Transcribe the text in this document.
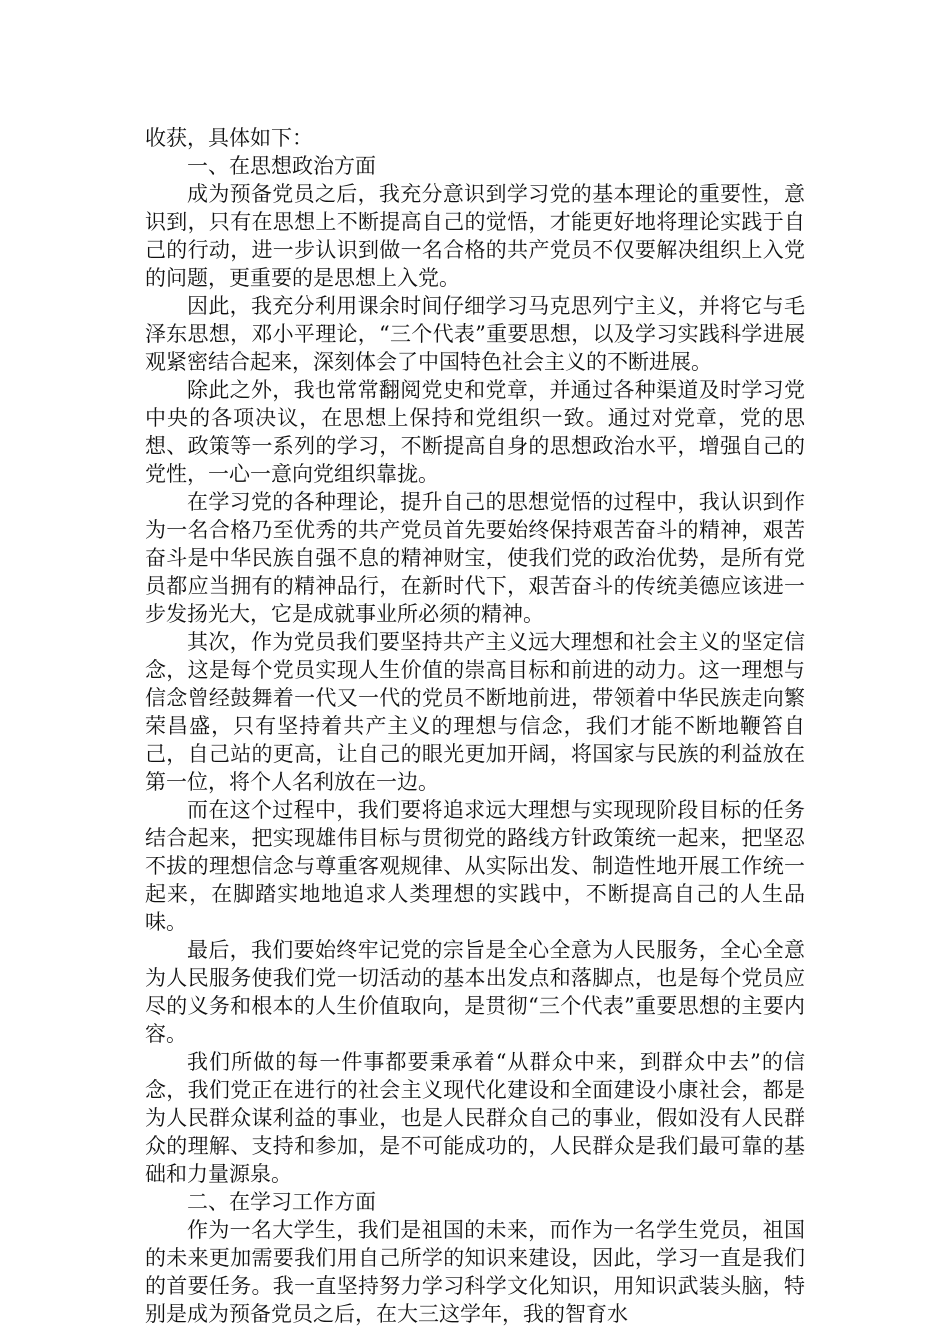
收获，具体如下：

一、在思想政治方面

成为预备党员之后，我充分意识到学习党的基本理论的重要性，意识到，只有在思想上不断提高自己的觉悟，才能更好地将理论实践于自己的行动，进一步认识到做一名合格的共产党员不仅要解决组织上入党的问题，更重要的是思想上入党。

因此，我充分利用课余时间仔细学习马克思列宁主义，并将它与毛泽东思想，邓小平理论，“三个代表”重要思想，以及学习实践科学进展观紧密结合起来，深刻体会了中国特色社会主义的不断进展。

除此之外，我也常常翻阅党史和党章，并通过各种渠道及时学习党中央的各项决议，在思想上保持和党组织一致。通过对党章，党的思想、政策等一系列的学习，不断提高自身的思想政治水平，增强自己的党性，一心一意向党组织靠拢。

在学习党的各种理论，提升自己的思想觉悟的过程中，我认识到作为一名合格乃至优秀的共产党员首先要始终保持艰苦奋斗的精神，艰苦奋斗是中华民族自强不息的精神财宝，使我们党的政治优势，是所有党员都应当拥有的精神品行，在新时代下，艰苦奋斗的传统美德应该进一步发扬光大，它是成就事业所必须的精神。

其次，作为党员我们要坚持共产主义远大理想和社会主义的坚定信念，这是每个党员实现人生价值的崇高目标和前进的动力。这一理想与信念曾经鼓舞着一代又一代的党员不断地前进，带领着中华民族走向繁荣昌盛，只有坚持着共产主义的理想与信念，我们才能不断地鞭笞自己，自己站的更高，让自己的眼光更加开阔，将国家与民族的利益放在第一位，将个人名利放在一边。

而在这个过程中，我们要将追求远大理想与实现现阶段目标的任务结合起来，把实现雄伟目标与贯彻党的路线方针政策统一起来，把坚忍不拔的理想信念与尊重客观规律、从实际出发、制造性地开展工作统一起来，在脚踏实地地追求人类理想的实践中，不断提高自己的人生品味。

最后，我们要始终牢记党的宗旨是全心全意为人民服务，全心全意为人民服务使我们党一切活动的基本出发点和落脚点，也是每个党员应尽的义务和根本的人生价值取向，是贯彻“三个代表”重要思想的主要内容。

我们所做的每一件事都要秉承着“从群众中来，到群众中去”的信念，我们党正在进行的社会主义现代化建设和全面建设小康社会，都是为人民群众谋利益的事业，也是人民群众自己的事业，假如没有人民群众的理解、支持和参加，是不可能成功的，人民群众是我们最可靠的基础和力量源泉。

二、在学习工作方面

作为一名大学生，我们是祖国的未来，而作为一名学生党员，祖国的未来更加需要我们用自己所学的知识来建设，因此，学习一直是我们的首要任务。我一直坚持努力学习科学文化知识，用知识武装头脑，特别是成为预备党员之后，在大三这学年，我的智育水
